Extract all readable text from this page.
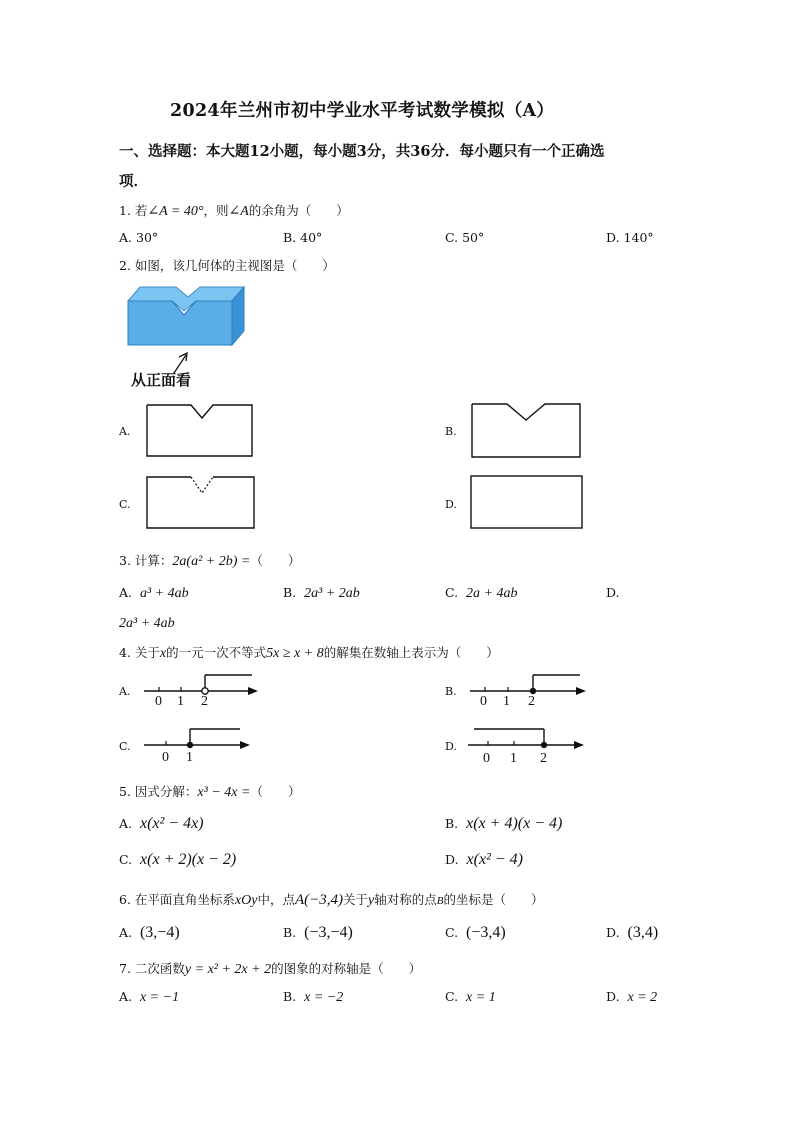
2024年兰州市初中学业水平考试数学模拟（A）
一、选择题：本大题12小题，每小题3分，共36分．每小题只有一个正确选
项．
1. 若∠A = 40°，则∠A的余角为（　　）
A. 30°	B. 40°	C. 50°	D. 140°
2. 如图，该几何体的主视图是（　　）
从正面看
A.	B.
C.	D.
3. 计算：2a(a² + 2b) =（　　）
A. a³ + 4ab	B. 2a³ + 2ab	C. 2a + 4ab	D.
2a³ + 4ab
4. 关于x的一元一次不等式5x ≥ x + 8的解集在数轴上表示为（　　）
A.
0 1 2
B.
0 1 2
C.
0 1
D.
0 1 2
5. 因式分解：x³ − 4x =（　　）
A. x(x² − 4x)	B. x(x + 4)(x − 4)
C. x(x + 2)(x − 2)	D. x(x² − 4)
6. 在平面直角坐标系xOy中，点A(−3,4)关于y轴对称的点B的坐标是（　　）
A. (3,−4)	B. (−3,−4)	C. (−3,4)	D. (3,4)
7. 二次函数y = x² + 2x + 2的图象的对称轴是（　　）
A. x = −1	B. x = −2	C. x = 1	D. x = 2
